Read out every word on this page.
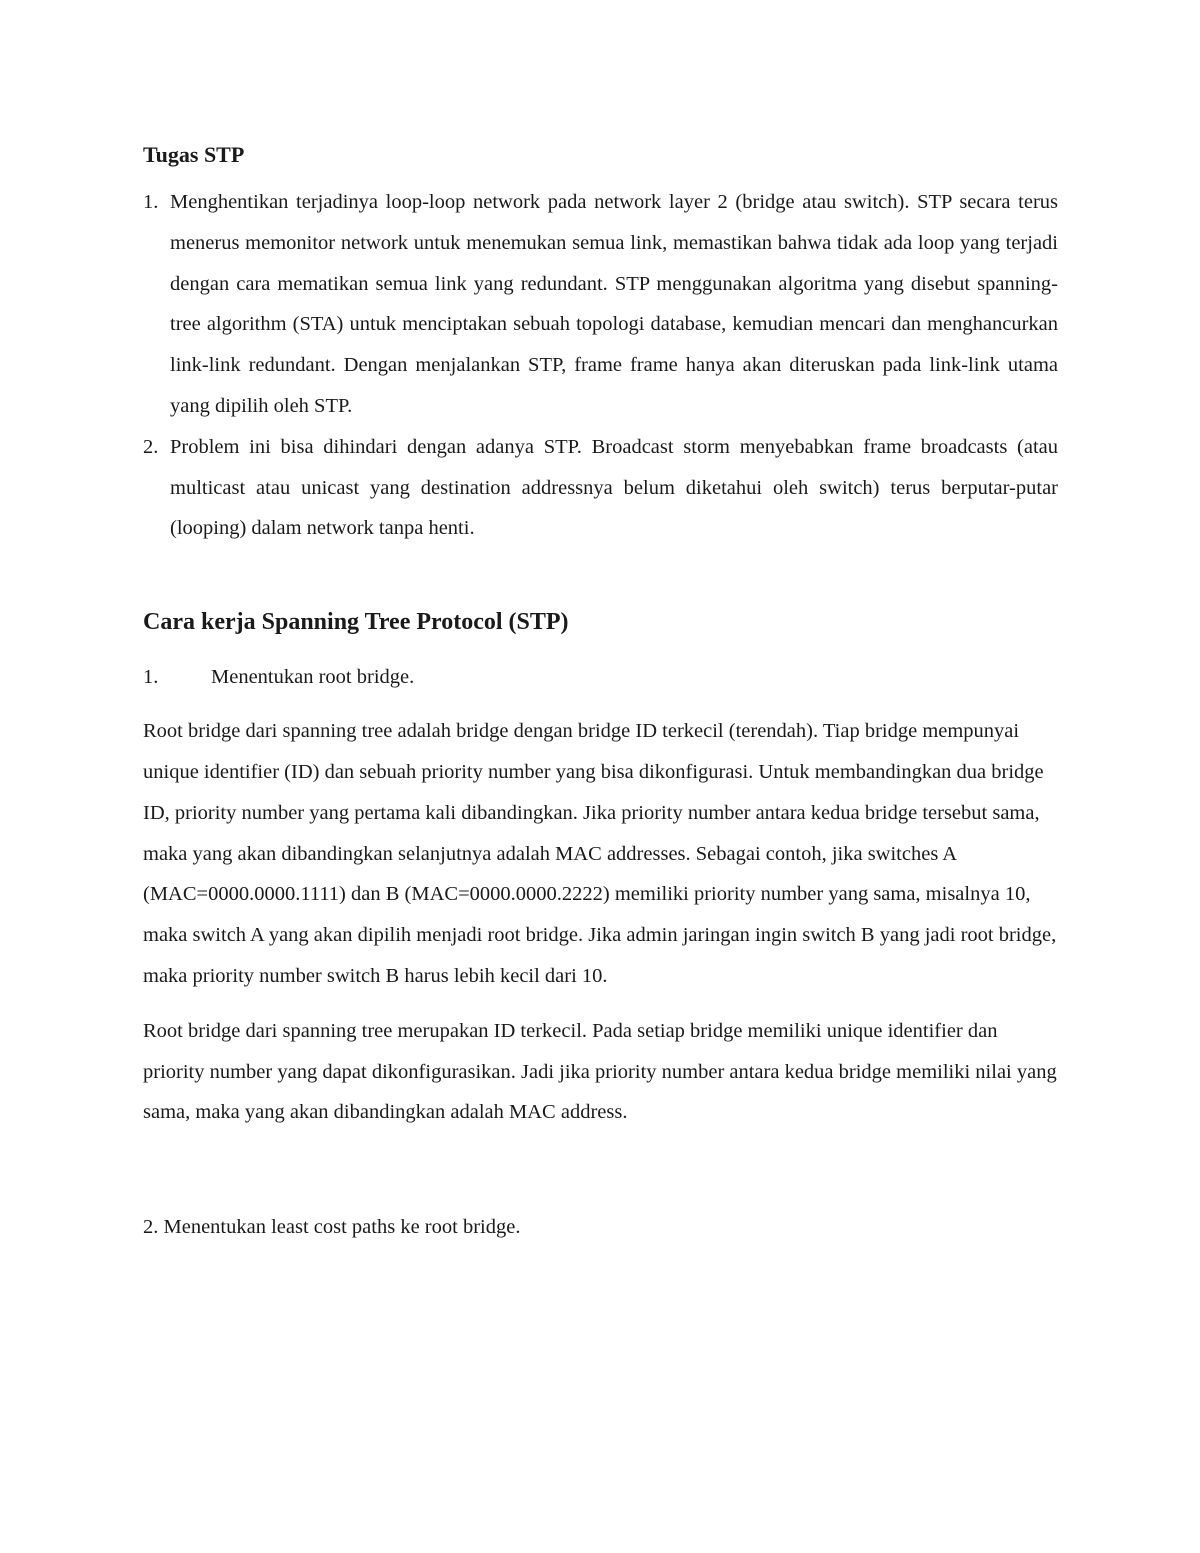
Tugas STP
1. Menghentikan terjadinya loop-loop network pada network layer 2 (bridge atau switch). STP secara terus menerus memonitor network untuk menemukan semua link, memastikan bahwa tidak ada loop yang terjadi dengan cara mematikan semua link yang redundant. STP menggunakan algoritma yang disebut spanning-tree algorithm (STA) untuk menciptakan sebuah topologi database, kemudian mencari dan menghancurkan link-link redundant. Dengan menjalankan STP, frame frame hanya akan diteruskan pada link-link utama yang dipilih oleh STP.
2. Problem ini bisa dihindari dengan adanya STP. Broadcast storm menyebabkan frame broadcasts (atau multicast atau unicast yang destination addressnya belum diketahui oleh switch) terus berputar-putar (looping) dalam network tanpa henti.
Cara kerja Spanning Tree Protocol (STP)
1.	Menentukan root bridge.

Root bridge dari spanning tree adalah bridge dengan bridge ID terkecil (terendah). Tiap bridge mempunyai unique identifier (ID) dan sebuah priority number yang bisa dikonfigurasi. Untuk membandingkan dua bridge ID, priority number yang pertama kali dibandingkan. Jika priority number antara kedua bridge tersebut sama, maka yang akan dibandingkan selanjutnya adalah MAC addresses. Sebagai contoh, jika switches A (MAC=0000.0000.1111) dan B (MAC=0000.0000.2222) memiliki priority number yang sama, misalnya 10, maka switch A yang akan dipilih menjadi root bridge. Jika admin jaringan ingin switch B yang jadi root bridge, maka priority number switch B harus lebih kecil dari 10.

Root bridge dari spanning tree merupakan ID terkecil. Pada setiap bridge memiliki unique identifier dan priority number yang dapat dikonfigurasikan. Jadi jika priority number antara kedua bridge memiliki nilai yang sama, maka yang akan dibandingkan adalah MAC address.

2. Menentukan least cost paths ke root bridge.
